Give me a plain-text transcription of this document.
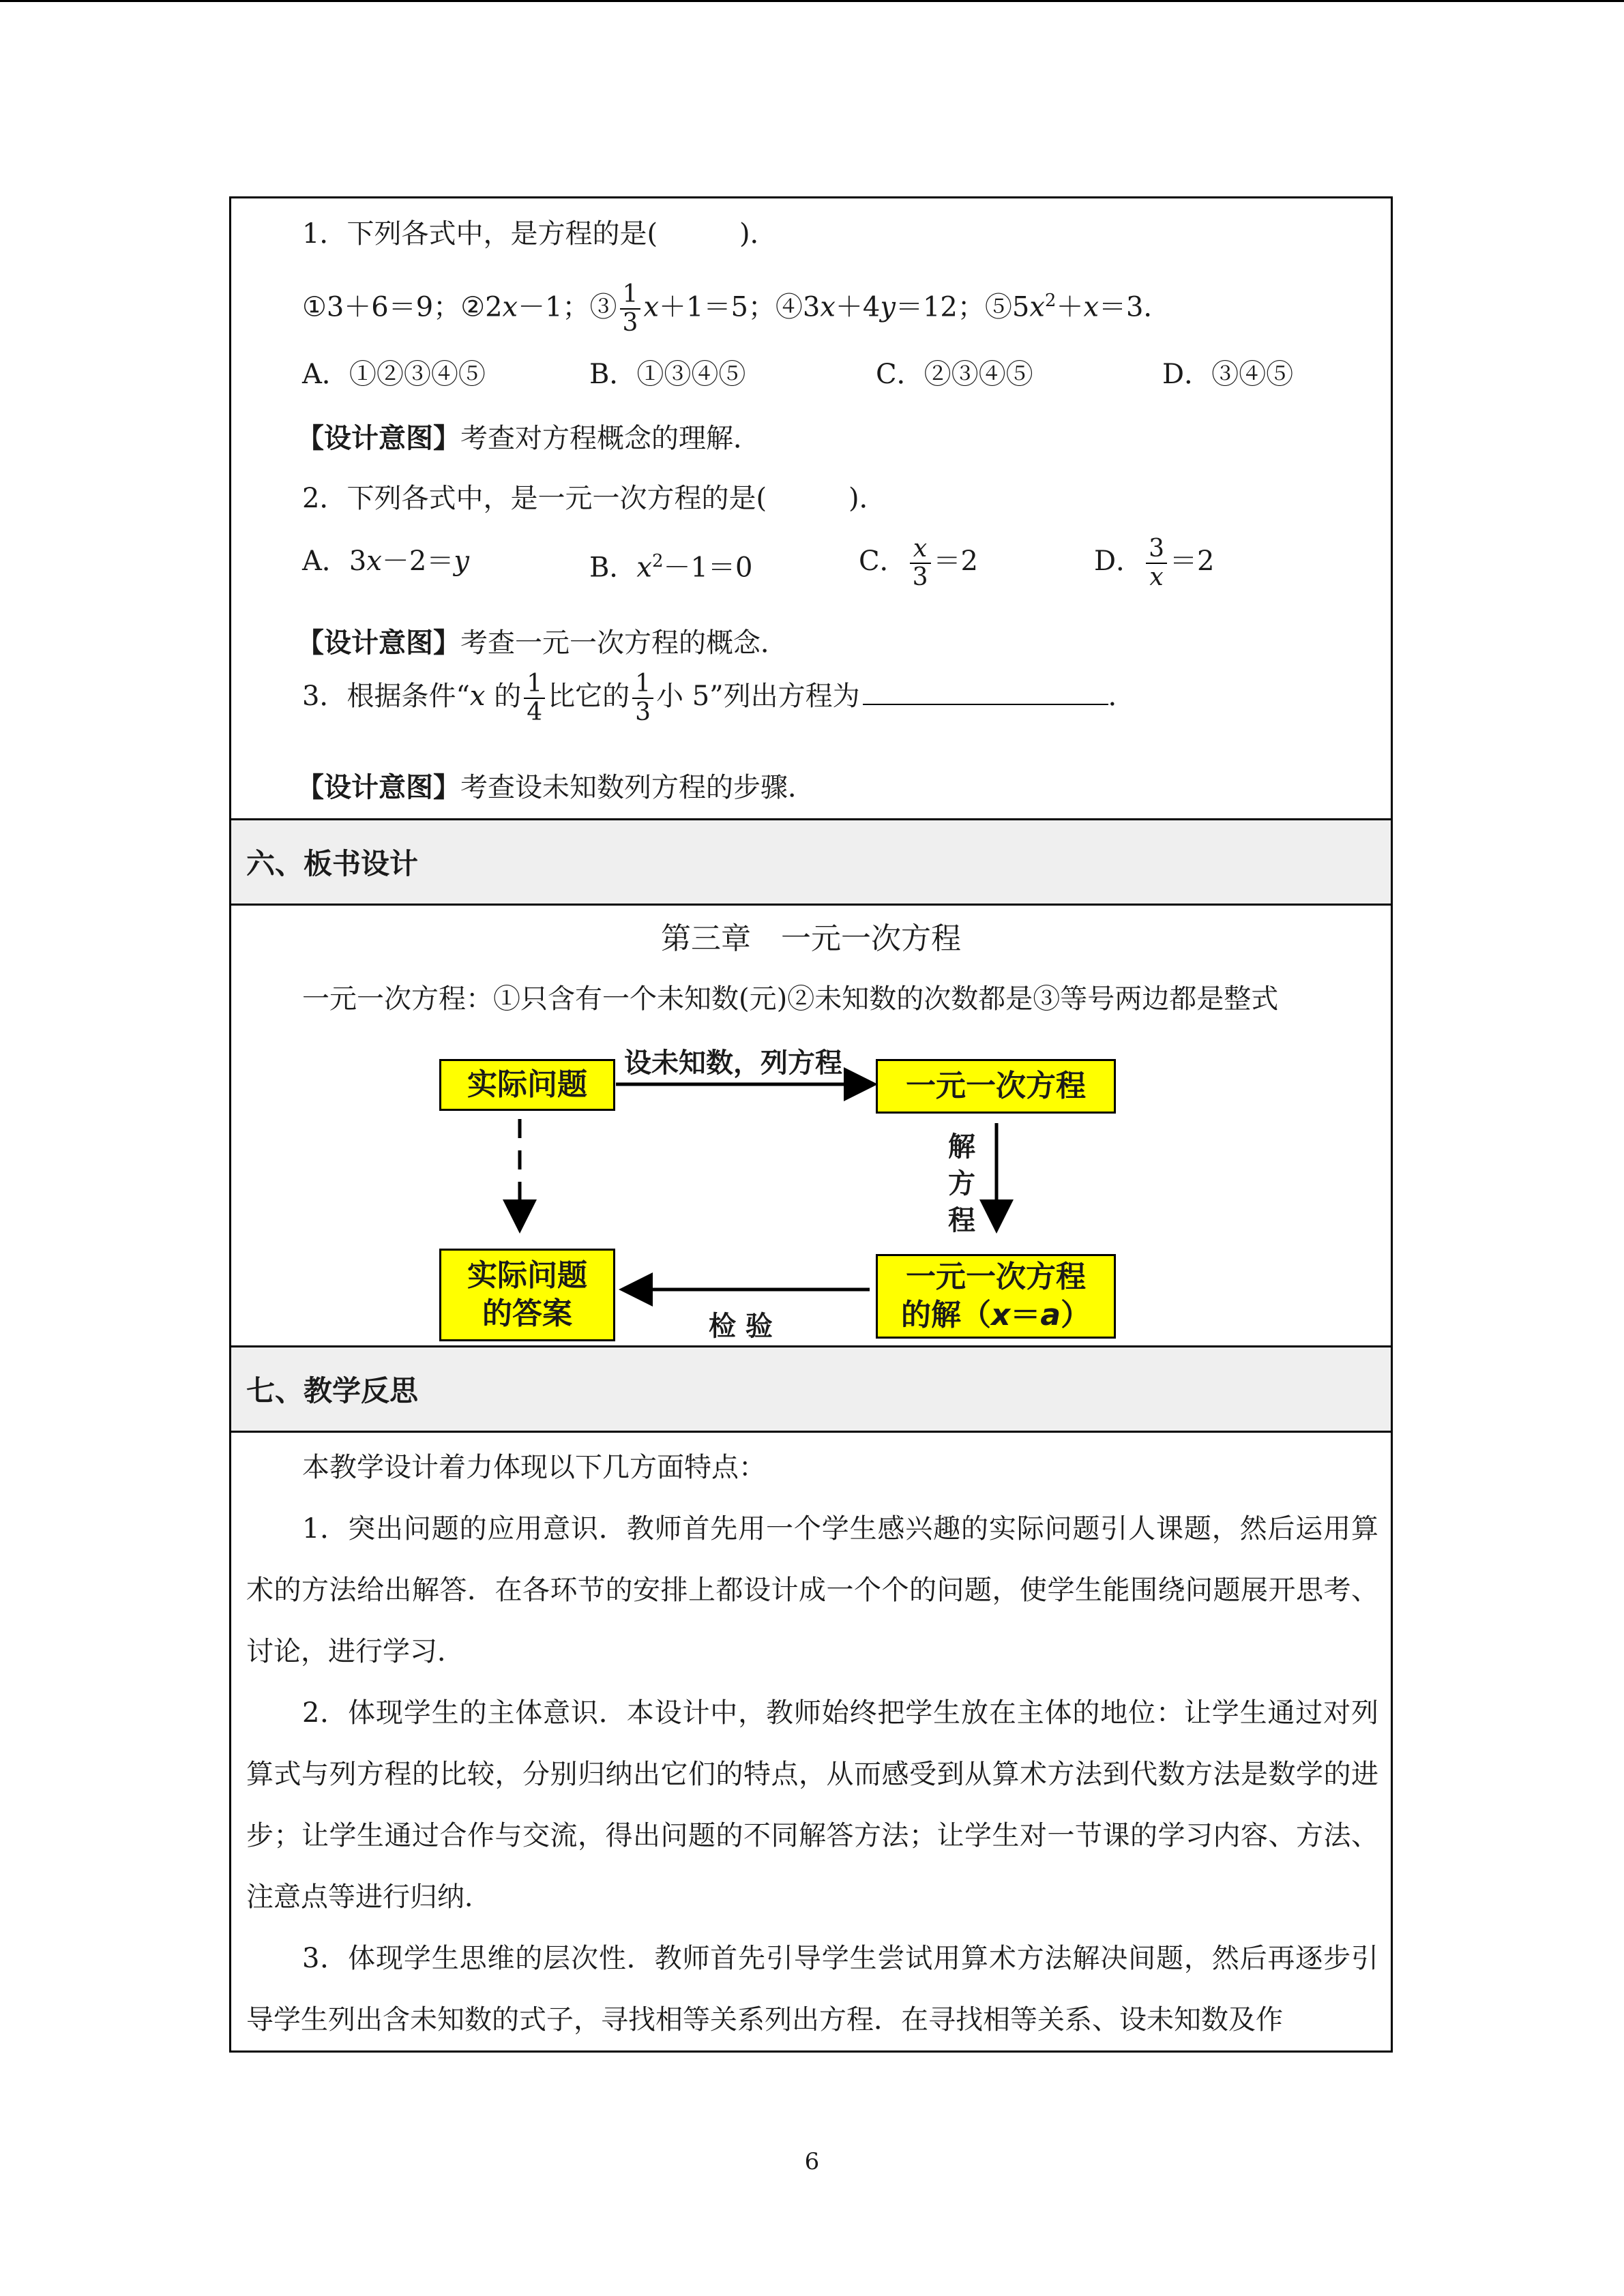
1．下列各式中，是方程的是(　　　)．
①3＋6＝9；②2x－1；③ $\frac{1}{3} x+1=5$；④3x＋4y＝12；$⑤5x^2+x=3$．
A．①②③④⑤	B．①③④⑤	C．②③④⑤	D．③④⑤
【设计意图】考查对方程概念的理解．
2．下列各式中，是一元一次方程的是(　　　)．
A．3x－2＝y	B．$x^2-1=0$	C． $\frac{x}{3} =2$	D． $\frac{3}{x} =2$
【设计意图】考查一元一次方程的概念．
3．根据条件“x 的 $\frac{1}{4}$ 比它的 $\frac{1}{3}$ 小 5”列出方程为	．
【设计意图】考查设未知数列方程的步骤．
六、板书设计
第三章　一元一次方程
一元一次方程：①只含有一个未知数(元)②未知数的次数都是③等号两边都是整式
实际问题	一元一次方程
实际问题
的答案
一元一次方程
的解（x＝a）
设未知数，列方程
解
方
程
检 验
七、教学反思

本教学设计着力体现以下几方面特点：

1．突出问题的应用意识．教师首先用一个学生感兴趣的实际问题引人课题，然后运用算术的方法给出解答．在各环节的安排上都设计成一个个的问题，使学生能围绕问题展开思考、讨论，进行学习．

2．体现学生的主体意识．本设计中，教师始终把学生放在主体的地位：让学生通过对列算式与列方程的比较，分别归纳出它们的特点，从而感受到从算术方法到代数方法是数学的进步；让学生通过合作与交流，得出问题的不同解答方法；让学生对一节课的学习内容、方法、注意点等进行归纳．

3．体现学生思维的层次性．教师首先引导学生尝试用算术方法解决间题，然后再逐步引导学生列出含未知数的式子，寻找相等关系列出方程．在寻找相等关系、设未知数及作

6
